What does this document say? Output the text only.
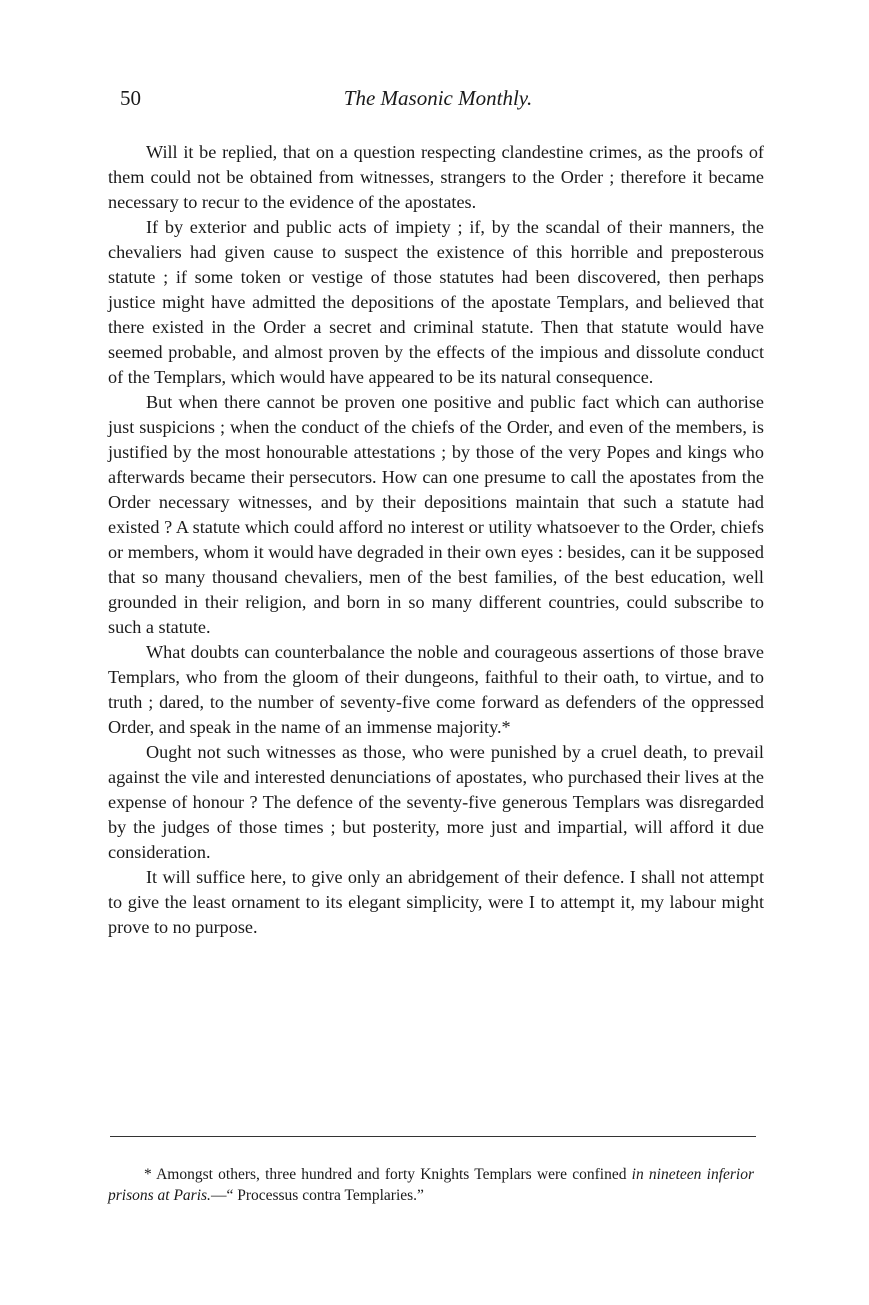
50	The Masonic Monthly.

Will it be replied, that on a question respecting clandestine crimes, as the proofs of them could not be obtained from witnesses, strangers to the Order ; therefore it became necessary to recur to the evidence of the apostates.

If by exterior and public acts of impiety ; if, by the scandal of their manners, the chevaliers had given cause to suspect the existence of this horrible and preposterous statute ; if some token or vestige of those statutes had been discovered, then perhaps justice might have admitted the depositions of the apostate Templars, and believed that there existed in the Order a secret and criminal statute. Then that statute would have seemed probable, and almost proven by the effects of the impious and dissolute conduct of the Templars, which would have appeared to be its natural consequence.

But when there cannot be proven one positive and public fact which can authorise just suspicions ; when the conduct of the chiefs of the Order, and even of the members, is justified by the most honourable attestations ; by those of the very Popes and kings who afterwards became their persecutors. How can one presume to call the apostates from the Order necessary witnesses, and by their depositions maintain that such a statute had existed ? A statute which could afford no interest or utility whatsoever to the Order, chiefs or members, whom it would have degraded in their own eyes : besides, can it be supposed that so many thousand chevaliers, men of the best families, of the best education, well grounded in their religion, and born in so many different countries, could subscribe to such a statute.

What doubts can counterbalance the noble and courageous assertions of those brave Templars, who from the gloom of their dungeons, faithful to their oath, to virtue, and to truth ; dared, to the number of seventy-five come forward as defenders of the oppressed Order, and speak in the name of an immense majority.*

Ought not such witnesses as those, who were punished by a cruel death, to prevail against the vile and interested denunciations of apostates, who purchased their lives at the expense of honour ? The defence of the seventy-five generous Templars was disregarded by the judges of those times ; but posterity, more just and impartial, will afford it due consideration.

It will suffice here, to give only an abridgement of their defence. I shall not attempt to give the least ornament to its elegant simplicity, were I to attempt it, my labour might prove to no purpose.

* Amongst others, three hundred and forty Knights Templars were confined in nineteen inferior prisons at Paris.—“ Processus contra Templaries.”
